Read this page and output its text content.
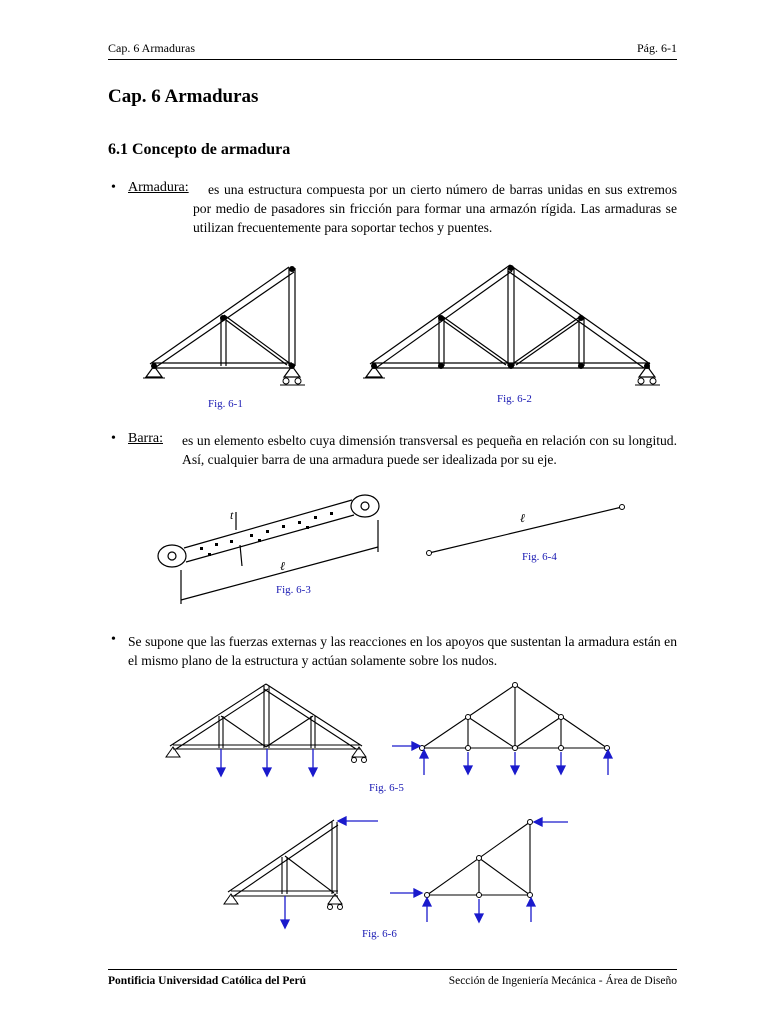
Cap. 6 Armaduras	Pág. 6-1
Cap. 6 Armaduras
6.1 Concepto de armadura
• Armadura:	es una estructura compuesta por un cierto número de barras unidas en sus extremos por medio de pasadores sin fricción para formar una armazón rígida. Las armaduras se utilizan frecuentemente para soportar techos y puentes.
Fig. 6-1	Fig. 6-2
• Barra: es un elemento esbelto cuya dimensión transversal es pequeña en relación con su longitud. Así, cualquier barra de una armadura puede ser idealizada por su eje.
t
ℓ
Fig. 6-3
ℓ
Fig. 6-4
• Se supone que las fuerzas externas y las reacciones en los apoyos que sustentan la armadura están en el mismo plano de la estructura y actúan solamente sobre los nudos.
Fig. 6-5
Fig. 6-6
Pontificia Universidad Católica del Perú	Sección de Ingeniería Mecánica - Área de Diseño
